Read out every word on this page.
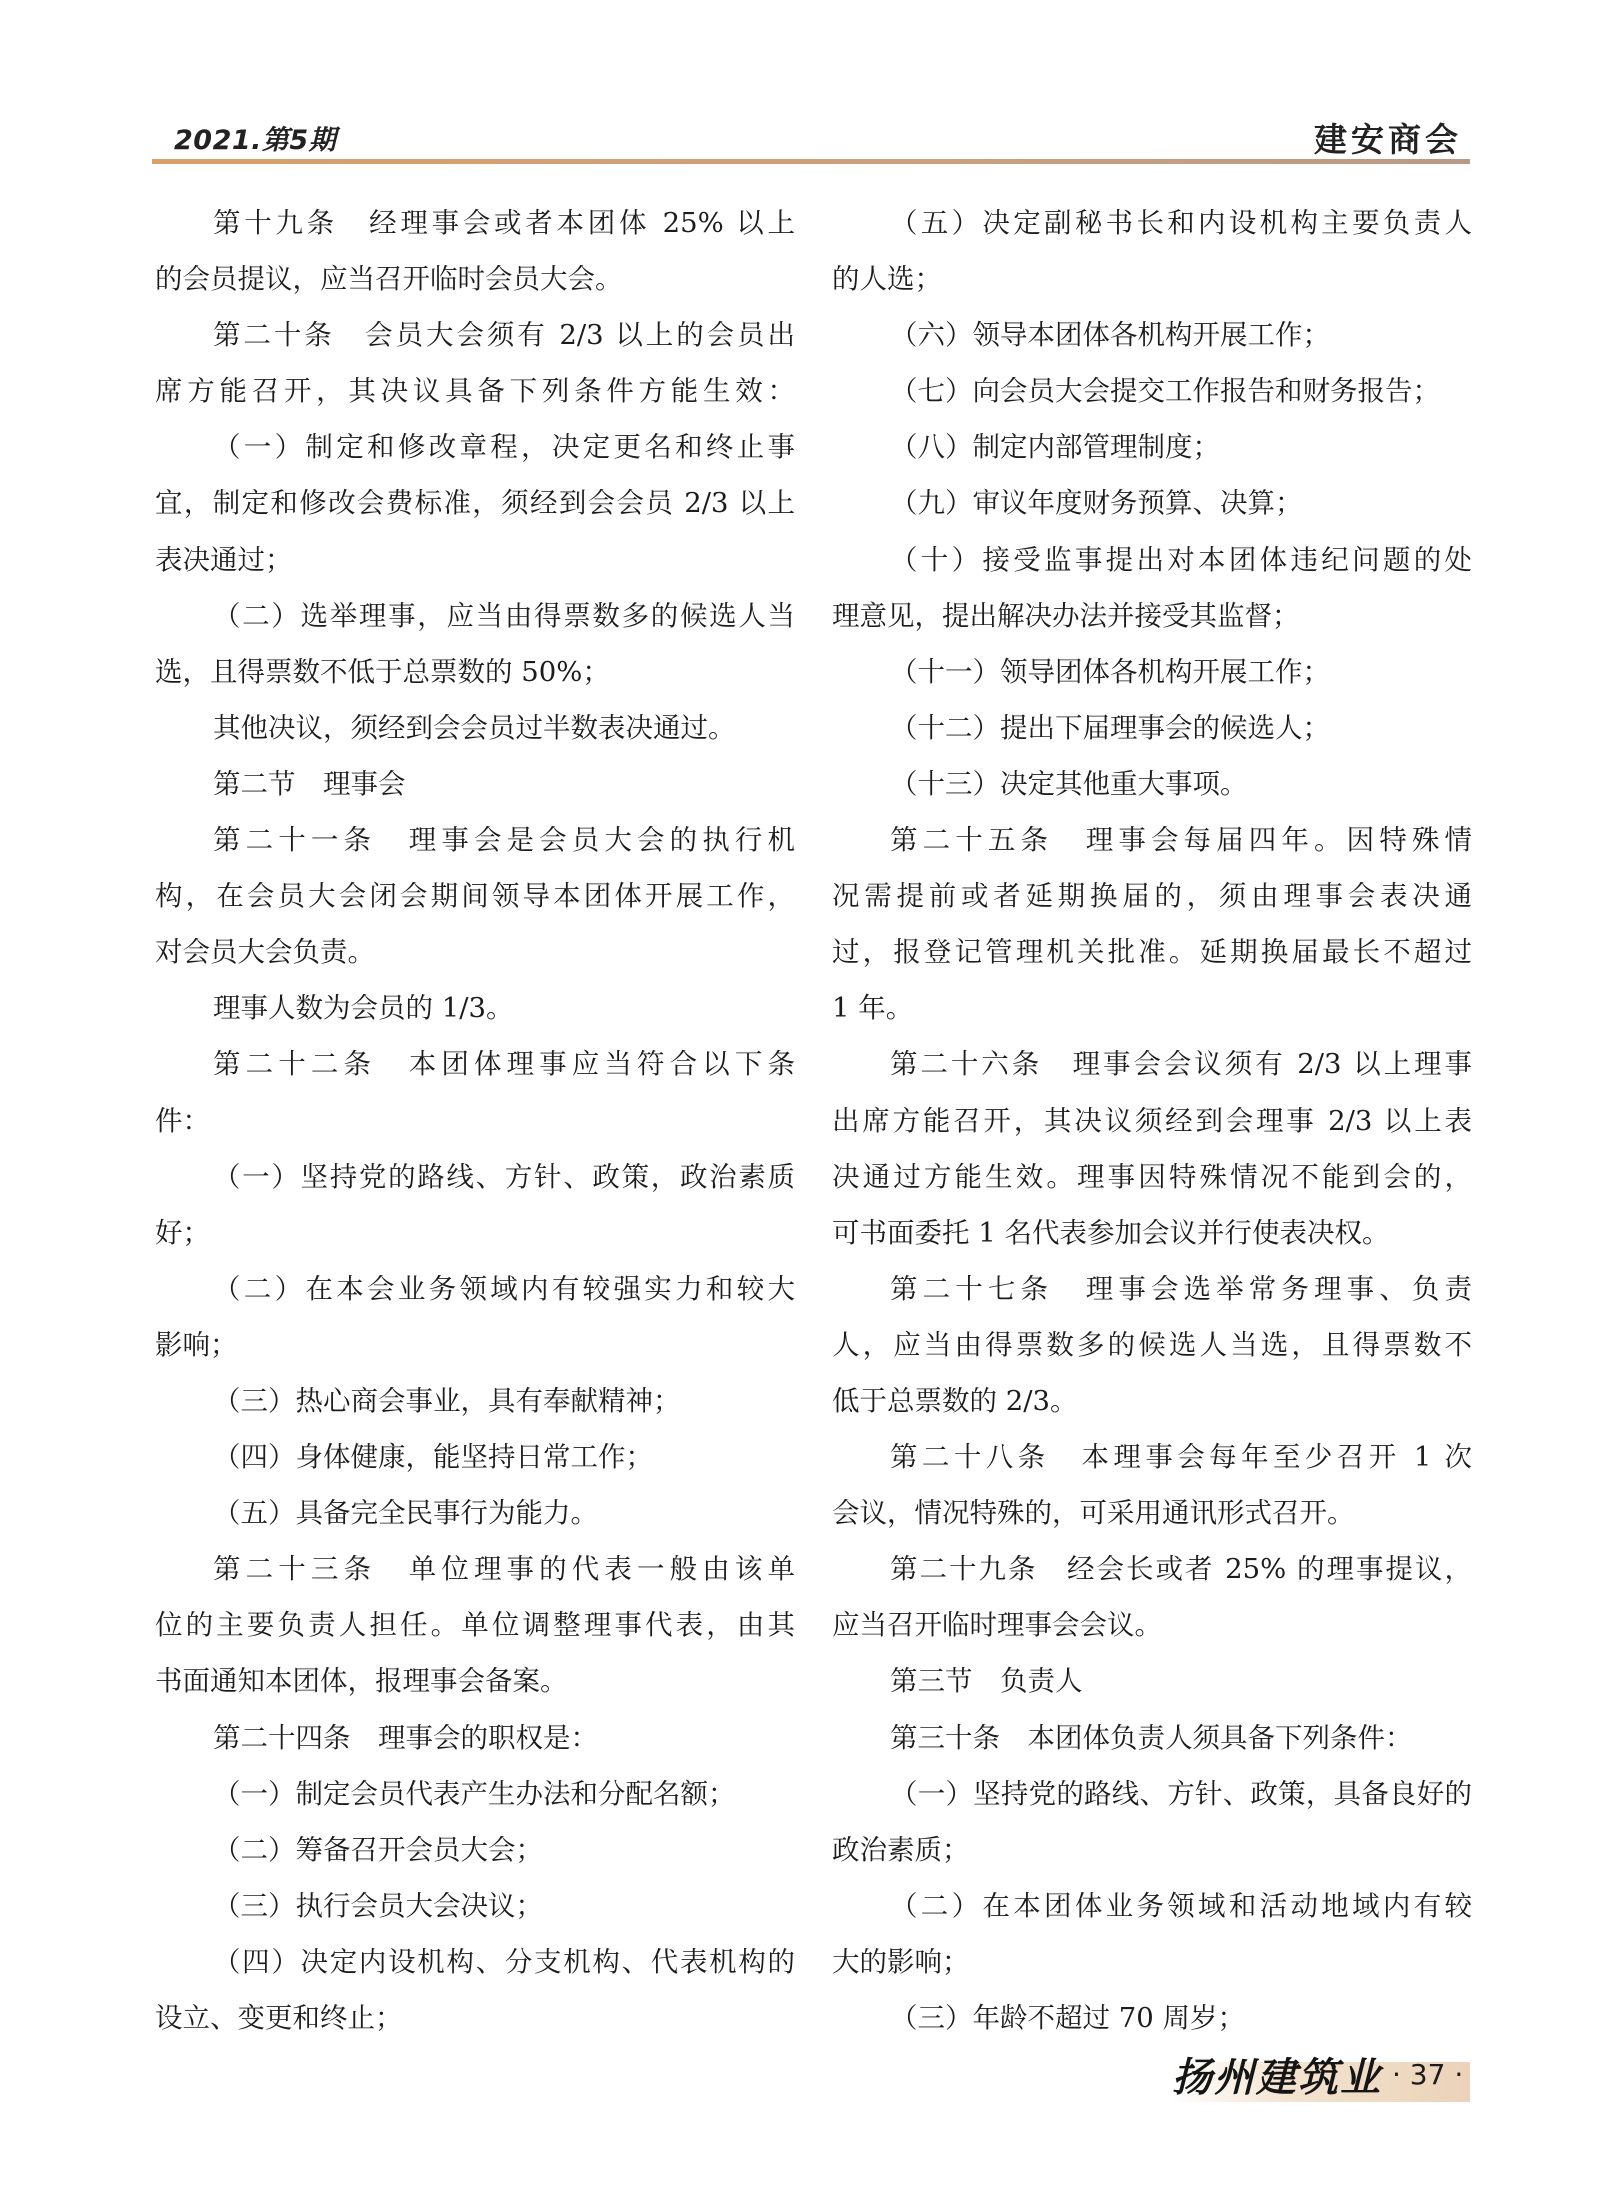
2021.第5期	建安商会
第十九条　经理事会或者本团体 25% 以上
的会员提议，应当召开临时会员大会。
第二十条　会员大会须有 2/3 以上的会员出
席方能召开，其决议具备下列条件方能生效：
（一）制定和修改章程，决定更名和终止事
宜，制定和修改会费标准，须经到会会员 2/3 以上
表决通过；
（二）选举理事，应当由得票数多的候选人当
选，且得票数不低于总票数的 50%；
其他决议，须经到会会员过半数表决通过。
第二节　理事会
第二十一条　理事会是会员大会的执行机
构，在会员大会闭会期间领导本团体开展工作，
对会员大会负责。
理事人数为会员的 1/3。
第二十二条　本团体理事应当符合以下条
件：
（一）坚持党的路线、方针、政策，政治素质
好；
（二）在本会业务领域内有较强实力和较大
影响；
（三）热心商会事业，具有奉献精神；
（四）身体健康，能坚持日常工作；
（五）具备完全民事行为能力。
第二十三条　单位理事的代表一般由该单
位的主要负责人担任。单位调整理事代表，由其
书面通知本团体，报理事会备案。
第二十四条　理事会的职权是：
（一）制定会员代表产生办法和分配名额；
（二）筹备召开会员大会；
（三）执行会员大会决议；
（四）决定内设机构、分支机构、代表机构的
设立、变更和终止；
（五）决定副秘书长和内设机构主要负责人
的人选；
（六）领导本团体各机构开展工作；
（七）向会员大会提交工作报告和财务报告；
（八）制定内部管理制度；
（九）审议年度财务预算、决算；
（十）接受监事提出对本团体违纪问题的处
理意见，提出解决办法并接受其监督；
（十一）领导团体各机构开展工作；
（十二）提出下届理事会的候选人；
（十三）决定其他重大事项。
第二十五条　理事会每届四年。因特殊情
况需提前或者延期换届的，须由理事会表决通
过，报登记管理机关批准。延期换届最长不超过
1 年。
第二十六条　理事会会议须有 2/3 以上理事
出席方能召开，其决议须经到会理事 2/3 以上表
决通过方能生效。理事因特殊情况不能到会的，
可书面委托 1 名代表参加会议并行使表决权。
第二十七条　理事会选举常务理事、负责
人，应当由得票数多的候选人当选，且得票数不
低于总票数的 2/3。
第二十八条　本理事会每年至少召开 1 次
会议，情况特殊的，可采用通讯形式召开。
第二十九条　经会长或者 25% 的理事提议，
应当召开临时理事会会议。
第三节　负责人
第三十条　本团体负责人须具备下列条件：
（一）坚持党的路线、方针、政策，具备良好的
政治素质；
（二）在本团体业务领域和活动地域内有较
大的影响；
（三）年龄不超过 70 周岁；
扬州建筑业 · 37 ·
